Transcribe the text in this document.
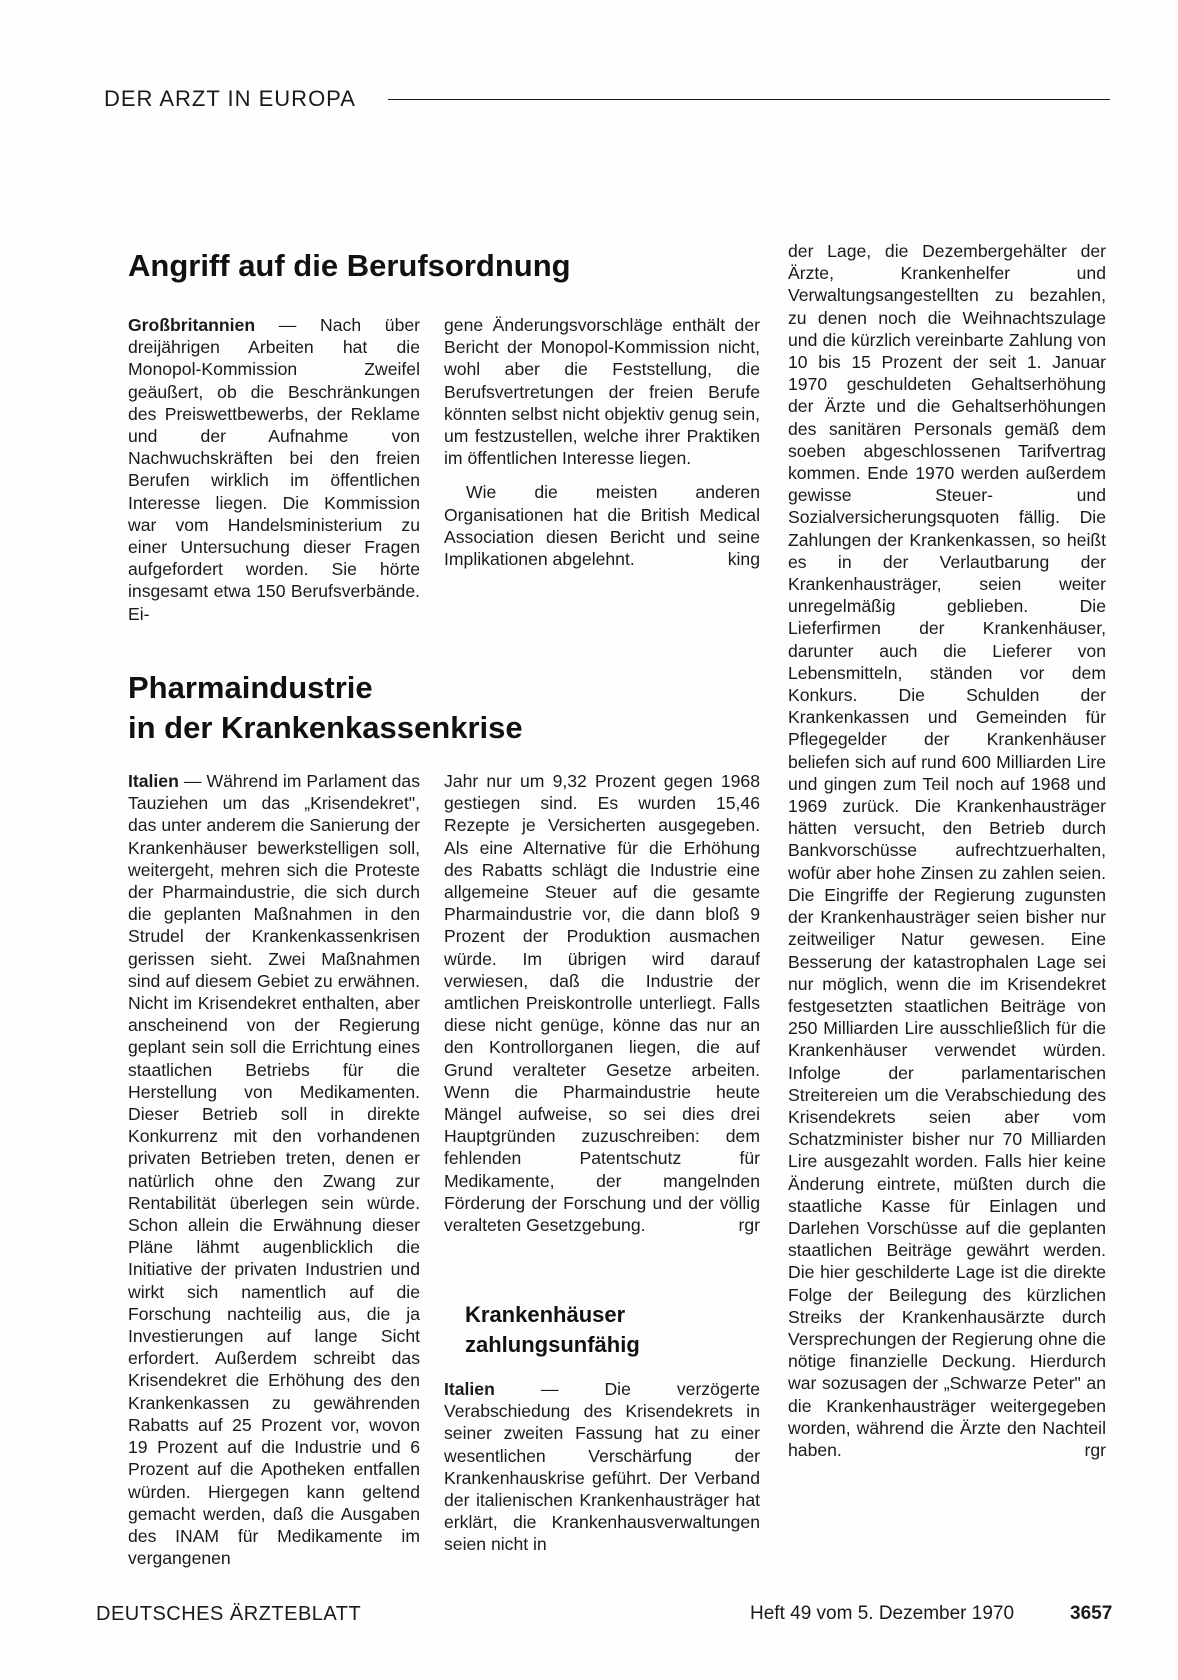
DER ARZT IN EUROPA
Angriff auf die Berufsordnung

Großbritannien — Nach über dreijährigen Arbeiten hat die Monopol-Kommission Zweifel geäußert, ob die Beschränkungen des Preiswettbewerbs, der Reklame und der Aufnahme von Nachwuchskräften bei den freien Berufen wirklich im öffentlichen Interesse liegen. Die Kommission war vom Handelsministerium zu einer Untersuchung dieser Fragen aufgefordert worden. Sie hörte insgesamt etwa 150 Berufsverbände. Ei-

gene Änderungsvorschläge enthält der Bericht der Monopol-Kommission nicht, wohl aber die Feststellung, die Berufsvertretungen der freien Berufe könnten selbst nicht objektiv genug sein, um festzustellen, welche ihrer Praktiken im öffentlichen Interesse liegen.

Wie die meisten anderen Organisationen hat die British Medical Association diesen Bericht und seine Implikationen abgelehnt.	king

Pharmaindustrie
in der Krankenkassenkrise

Italien — Während im Parlament das Tauziehen um das „Krisendekret", das unter anderem die Sanierung der Krankenhäuser bewerkstelligen soll, weitergeht, mehren sich die Proteste der Pharmaindustrie, die sich durch die geplanten Maßnahmen in den Strudel der Krankenkassenkrisen gerissen sieht. Zwei Maßnahmen sind auf diesem Gebiet zu erwähnen. Nicht im Krisendekret enthalten, aber anscheinend von der Regierung geplant sein soll die Errichtung eines staatlichen Betriebs für die Herstellung von Medikamenten. Dieser Betrieb soll in direkte Konkurrenz mit den vorhandenen privaten Betrieben treten, denen er natürlich ohne den Zwang zur Rentabilität überlegen sein würde. Schon allein die Erwähnung dieser Pläne lähmt augenblicklich die Initiative der privaten Industrien und wirkt sich namentlich auf die Forschung nachteilig aus, die ja Investierungen auf lange Sicht erfordert. Außerdem schreibt das Krisendekret die Erhöhung des den Krankenkassen zu gewährenden Rabatts auf 25 Prozent vor, wovon 19 Prozent auf die Industrie und 6 Prozent auf die Apotheken entfallen würden. Hiergegen kann geltend gemacht werden, daß die Ausgaben des INAM für Medikamente im vergangenen

Jahr nur um 9,32 Prozent gegen 1968 gestiegen sind. Es wurden 15,46 Rezepte je Versicherten ausgegeben. Als eine Alternative für die Erhöhung des Rabatts schlägt die Industrie eine allgemeine Steuer auf die gesamte Pharmaindustrie vor, die dann bloß 9 Prozent der Produktion ausmachen würde. Im übrigen wird darauf verwiesen, daß die Industrie der amtlichen Preiskontrolle unterliegt. Falls diese nicht genüge, könne das nur an den Kontrollorganen liegen, die auf Grund veralteter Gesetze arbeiten. Wenn die Pharmaindustrie heute Mängel aufweise, so sei dies drei Hauptgründen zuzuschreiben: dem fehlenden Patentschutz für Medikamente, der mangelnden Förderung der Forschung und der völlig veralteten Gesetzgebung.	rgr

Krankenhäuser
zahlungsunfähig

Italien	— Die verzögerte Verabschiedung des Krisendekrets in seiner zweiten Fassung hat zu einer wesentlichen Verschärfung der Krankenhauskrise geführt. Der Verband der italienischen Krankenhausträger hat erklärt, die Krankenhausverwaltungen seien nicht in

der Lage, die Dezembergehälter der Ärzte, Krankenhelfer und Verwaltungsangestellten zu bezahlen, zu denen noch die Weihnachtszulage und die kürzlich vereinbarte Zahlung von 10 bis 15 Prozent der seit 1. Januar 1970 geschuldeten Gehaltserhöhung der Ärzte und die Gehaltserhöhungen des sanitären Personals gemäß dem soeben abgeschlossenen Tarifvertrag kommen. Ende 1970 werden außerdem gewisse Steuer- und Sozialversicherungsquoten fällig. Die Zahlungen der Krankenkassen, so heißt es in der Verlautbarung der Krankenhausträger, seien weiter unregelmäßig geblieben. Die Lieferfirmen der Krankenhäuser, darunter auch die Lieferer von Lebensmitteln, ständen vor dem Konkurs. Die Schulden der Krankenkassen und Gemeinden für Pflegegelder der Krankenhäuser beliefen sich auf rund 600 Milliarden Lire und gingen zum Teil noch auf 1968 und 1969 zurück. Die Krankenhausträger hätten versucht, den Betrieb durch Bankvorschüsse aufrechtzuerhalten, wofür aber hohe Zinsen zu zahlen seien. Die Eingriffe der Regierung zugunsten der Krankenhausträger seien bisher nur zeitweiliger Natur gewesen. Eine Besserung der katastrophalen Lage sei nur möglich, wenn die im Krisendekret festgesetzten staatlichen Beiträge von 250 Milliarden Lire ausschließlich für die Krankenhäuser verwendet würden. Infolge der parlamentarischen Streitereien um die Verabschiedung des Krisendekrets seien aber vom Schatzminister bisher nur 70 Milliarden Lire ausgezahlt worden. Falls hier keine Änderung eintrete, müßten durch die staatliche Kasse für Einlagen und Darlehen Vorschüsse auf die geplanten staatlichen Beiträge gewährt werden. Die hier geschilderte Lage ist die direkte Folge der Beilegung des kürzlichen Streiks der Krankenhausärzte durch Versprechungen der Regierung ohne die nötige finanzielle Deckung. Hierdurch war sozusagen der „Schwarze Peter" an die Krankenhausträger weitergegeben worden, während die Ärzte den Nachteil haben.	rgr

DEUTSCHES ÄRZTEBLATT	Heft 49 vom 5. Dezember 1970	3657
